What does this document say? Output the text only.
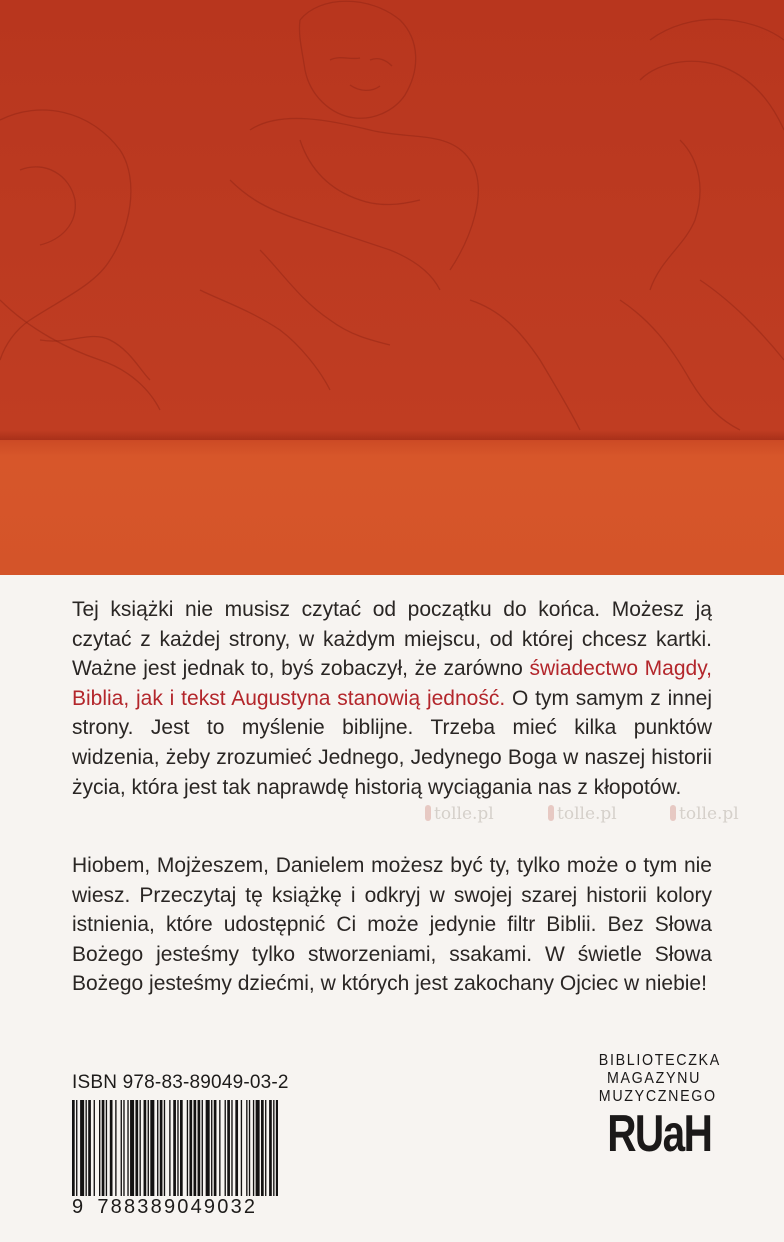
Tej książki nie musisz czytać od początku do końca. Możesz ją czytać z każdej strony, w każdym miejscu, od której chcesz kartki. Ważne jest jednak to, byś zobaczył, że zarówno świadectwo Magdy, Biblia, jak i tekst Augustyna stanowią jedność. O tym samym z innej strony. Jest to myślenie biblijne. Trzeba mieć kilka punktów widzenia, żeby zrozumieć Jednego, Jedynego Boga w naszej historii życia, która jest tak naprawdę historią wyciągania nas z kłopotów.

tolle.pl	tolle.pl	tolle.pl

Hiobem, Mojżeszem, Danielem możesz być ty, tylko może o tym nie wiesz. Przeczytaj tę książkę i odkryj w swojej szarej historii kolory istnienia, które udostępnić Ci może jedynie filtr Biblii. Bez Słowa Bożego jesteśmy tylko stworzeniami, ssakami. W świetle Słowa Bożego jesteśmy dziećmi, w których jest zakochany Ojciec w niebie!

ISBN 978-83-89049-03-2
9 788389049032
BIBLIOTECZKA
MAGAZYNU
MUZYCZNEGO
RUaH
